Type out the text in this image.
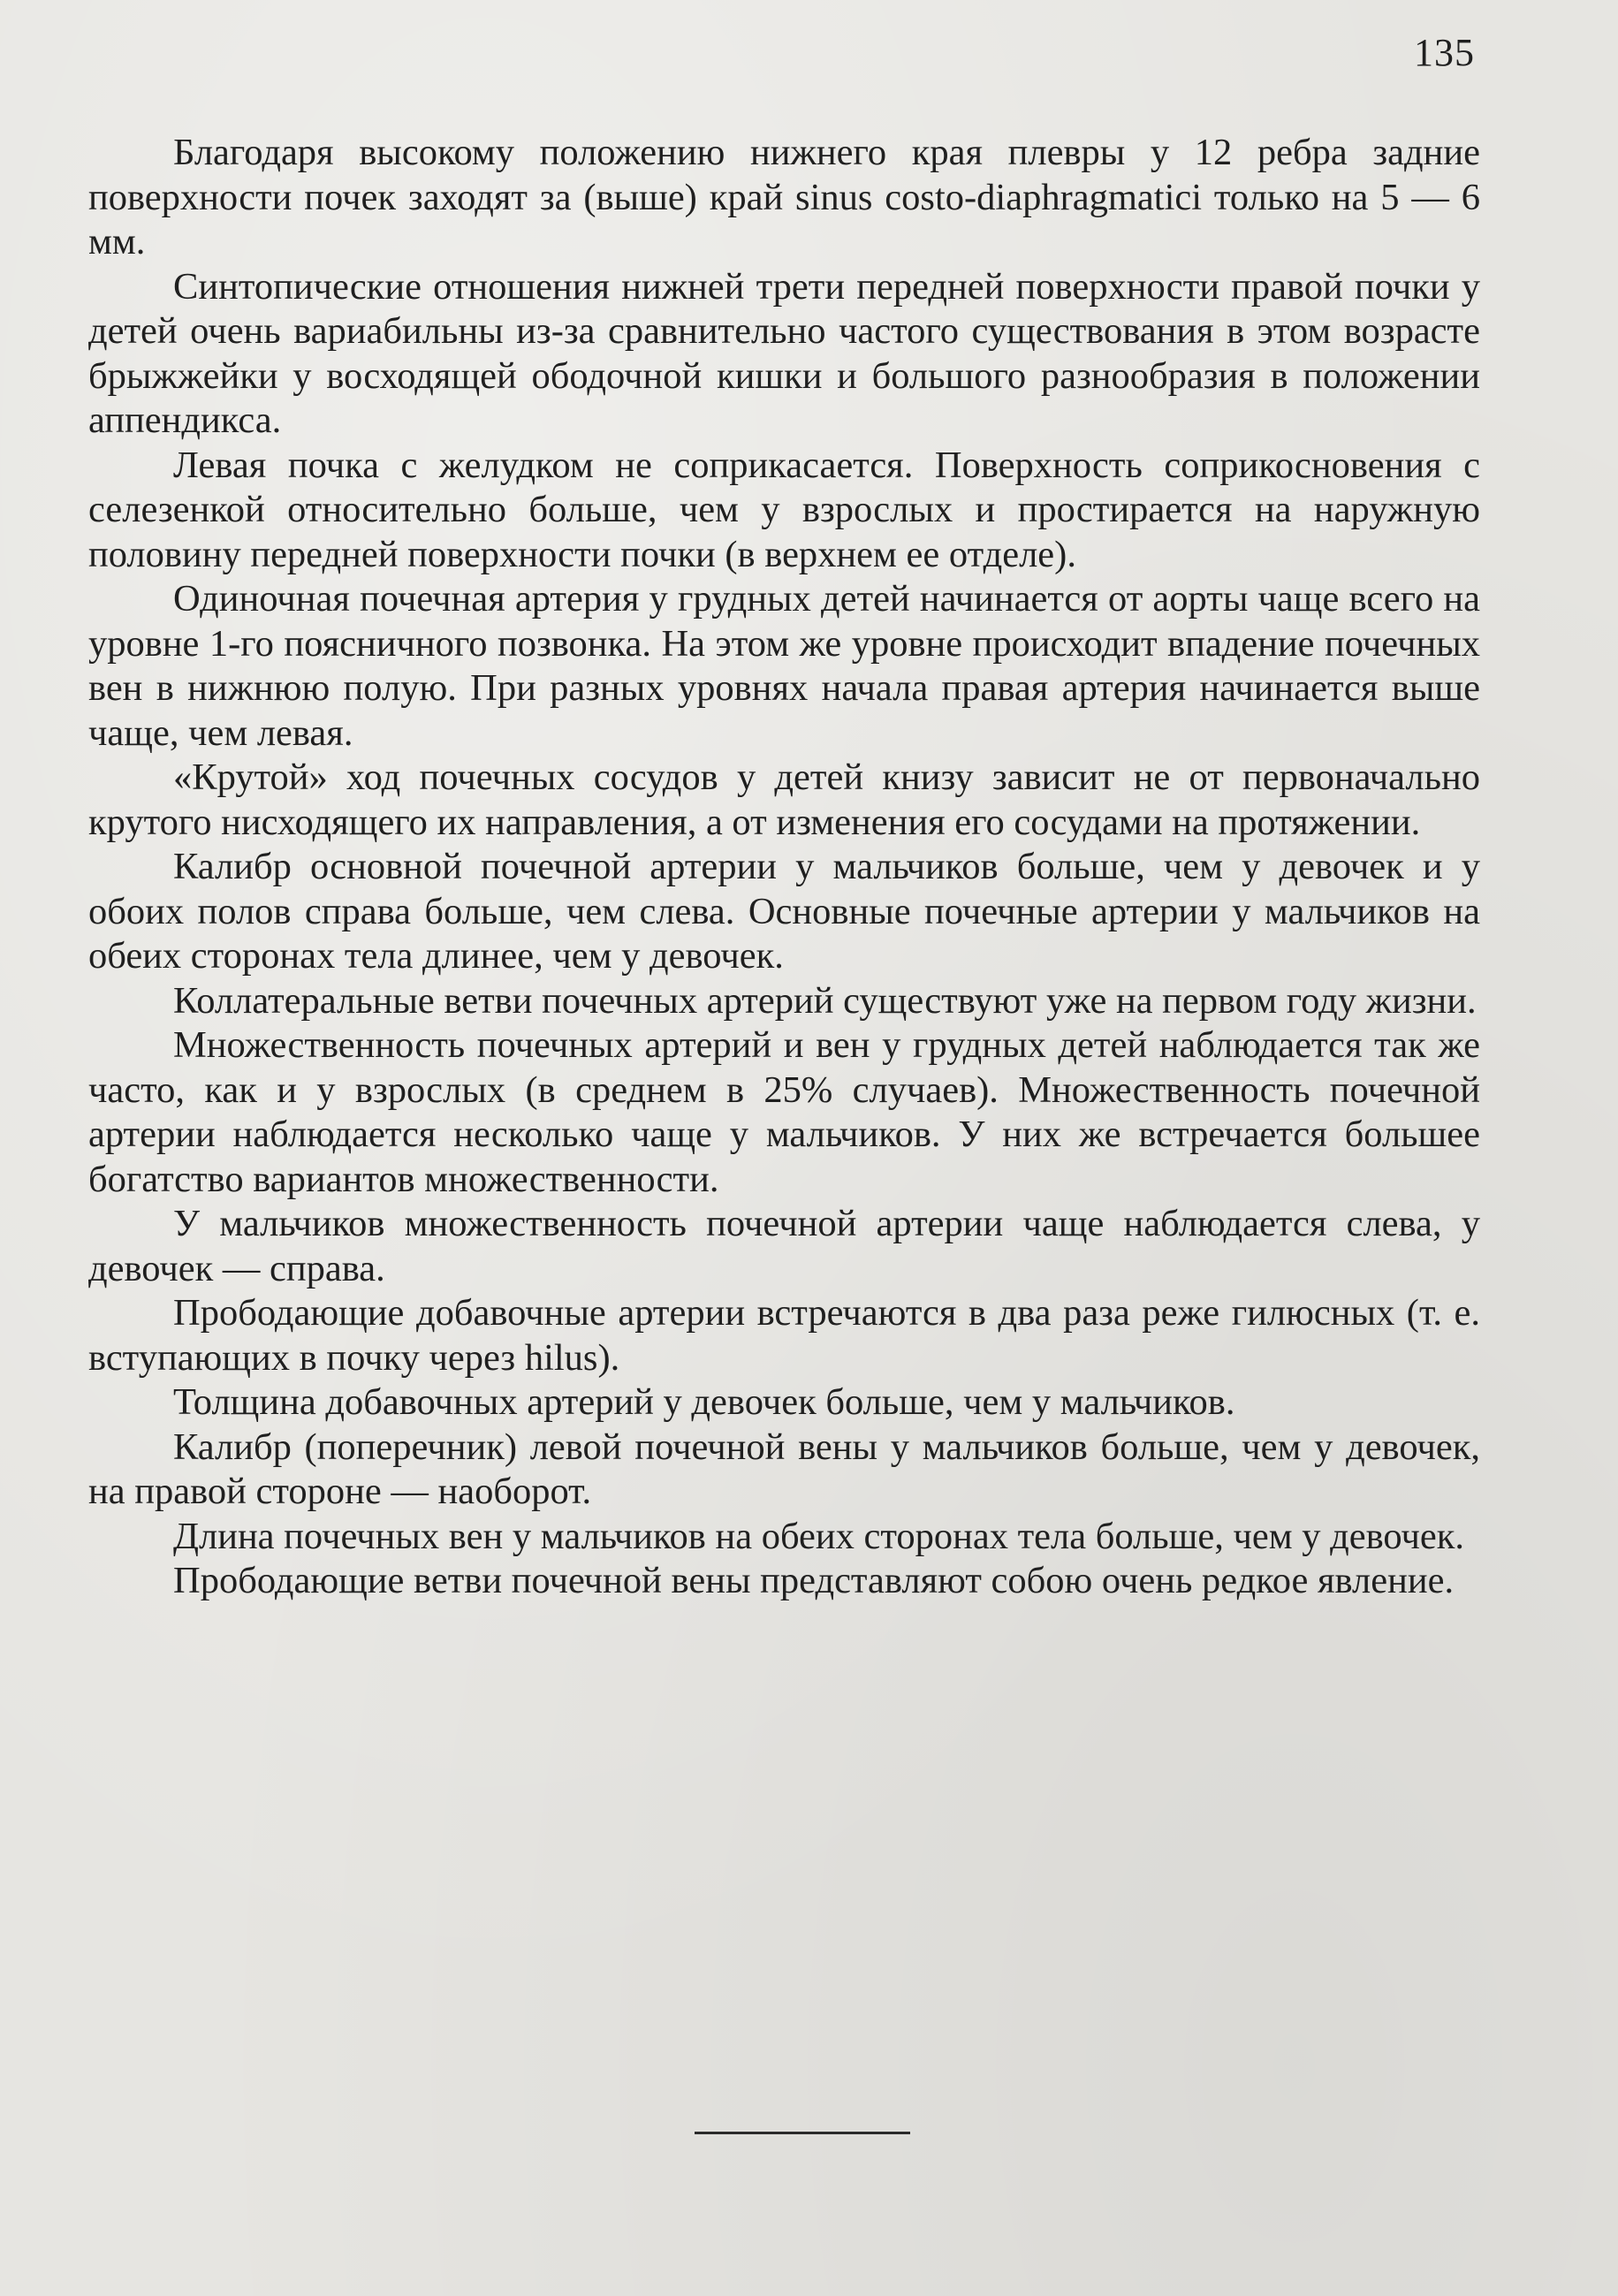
135

Благодаря высокому положению нижнего края плевры у 12 ребра задние поверхности почек заходят за (выше) край sinus costo-diaphragmatici только на 5 — 6 мм.

Синтопические отношения нижней трети передней поверхности правой почки у детей очень вариабильны из-за сравнительно частого существования в этом возрасте брыжжейки у восходящей ободочной кишки и большого разнообразия в положении аппендикса.

Левая почка с желудком не соприкасается. Поверхность соприкосновения с селезенкой относительно больше, чем у взрослых и простирается на наружную половину передней поверхности почки (в верхнем ее отделе).

Одиночная почечная артерия у грудных детей начинается от аорты чаще всего на уровне 1-го поясничного позвонка. На этом же уровне происходит впадение почечных вен в нижнюю полую. При разных уровнях начала правая артерия начинается выше чаще, чем левая.

«Крутой» ход почечных сосудов у детей книзу зависит не от первоначально крутого нисходящего их направления, а от изменения его сосудами на протяжении.

Калибр основной почечной артерии у мальчиков больше, чем у девочек и у обоих полов справа больше, чем слева. Основные почечные артерии у мальчиков на обеих сторонах тела длинее, чем у девочек.

Коллатеральные ветви почечных артерий существуют уже на первом году жизни.

Множественность почечных артерий и вен у грудных детей наблюдается так же часто, как и у взрослых (в среднем в 25% случаев). Множественность почечной артерии наблюдается несколько чаще у мальчиков. У них же встречается большее богатство вариантов множественности.

У мальчиков множественность почечной артерии чаще наблюдается слева, у девочек — справа.

Прободающие добавочные артерии встречаются в два раза реже гилюсных (т. е. вступающих в почку через hilus).

Толщина добавочных артерий у девочек больше, чем у мальчиков.

Калибр (поперечник) левой почечной вены у мальчиков больше, чем у девочек, на правой стороне — наоборот.

Длина почечных вен у мальчиков на обеих сторонах тела больше, чем у девочек.

Прободающие ветви почечной вены представляют собою очень редкое явление.
